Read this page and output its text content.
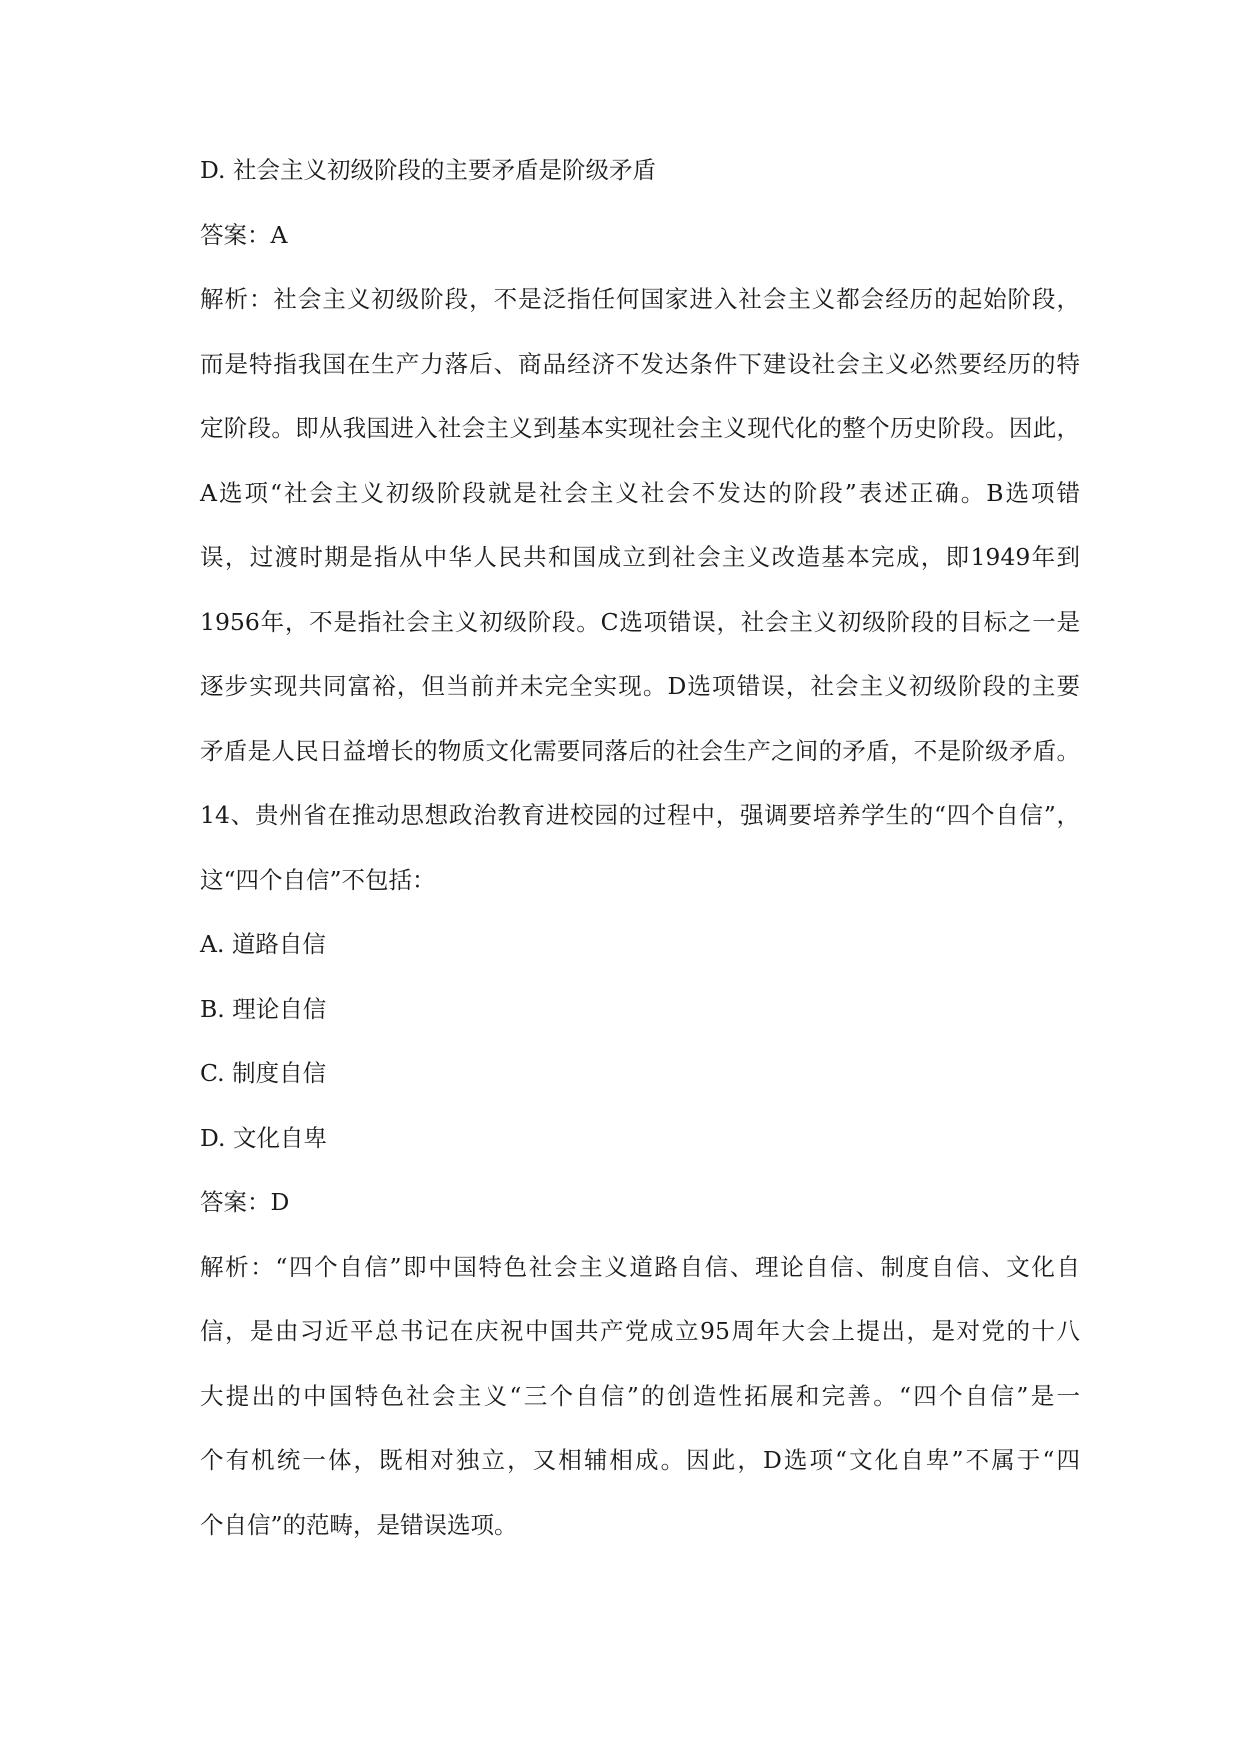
D. 社会主义初级阶段的主要矛盾是阶级矛盾
答案：A
解析：社会主义初级阶段，不是泛指任何国家进入社会主义都会经历的起始阶段，
而是特指我国在生产力落后、商品经济不发达条件下建设社会主义必然要经历的特
定阶段。即从我国进入社会主义到基本实现社会主义现代化的整个历史阶段。因此，
A选项“社会主义初级阶段就是社会主义社会不发达的阶段”表述正确。B选项错
误，过渡时期是指从中华人民共和国成立到社会主义改造基本完成，即1949年到
1956年，不是指社会主义初级阶段。C选项错误，社会主义初级阶段的目标之一是
逐步实现共同富裕，但当前并未完全实现。D选项错误，社会主义初级阶段的主要
矛盾是人民日益增长的物质文化需要同落后的社会生产之间的矛盾，不是阶级矛盾。
14、贵州省在推动思想政治教育进校园的过程中，强调要培养学生的“四个自信”，
这“四个自信”不包括：
A. 道路自信
B. 理论自信
C. 制度自信
D. 文化自卑
答案：D
解析：“四个自信”即中国特色社会主义道路自信、理论自信、制度自信、文化自
信，是由习近平总书记在庆祝中国共产党成立95周年大会上提出，是对党的十八
大提出的中国特色社会主义“三个自信”的创造性拓展和完善。“四个自信”是一
个有机统一体，既相对独立，又相辅相成。因此，D选项“文化自卑”不属于“四
个自信”的范畴，是错误选项。
